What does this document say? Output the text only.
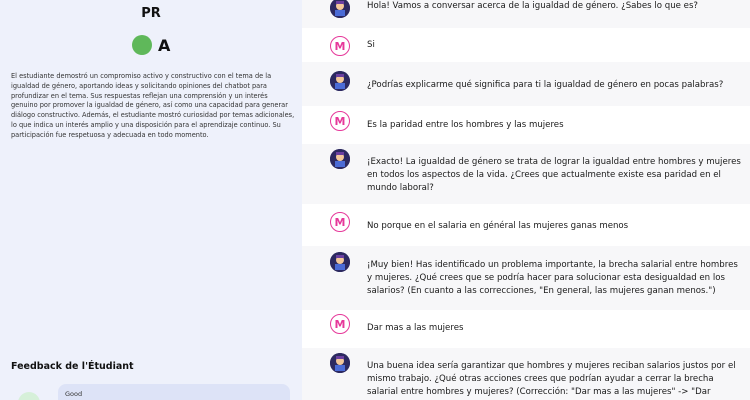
PR
A
El estudiante demostró un compromiso activo y constructivo con el tema de la igualdad de género, aportando ideas y solicitando opiniones del chatbot para profundizar en el tema. Sus respuestas reflejan una comprensión y un interés genuino por promover la igualdad de género, así como una capacidad para generar diálogo constructivo. Además, el estudiante mostró curiosidad por temas adicionales, lo que indica un interés amplio y una disposición para el aprendizaje continuo. Su participación fue respetuosa y adecuada en todo momento.
Feedback de l'Étudiant
Good
Hola! Vamos a conversar acerca de la igualdad de género. ¿Sabes lo que es?
M	Si
¿Podrías explicarme qué significa para ti la igualdad de género en pocas palabras?
M	Es la paridad entre los hombres y las mujeres
¡Exacto! La igualdad de género se trata de lograr la igualdad entre hombres y mujeres en todos los aspectos de la vida. ¿Crees que actualmente existe esa paridad en el mundo laboral?
M	No porque en el salaria en général las mujeres ganas menos
¡Muy bien! Has identificado un problema importante, la brecha salarial entre hombres y mujeres. ¿Qué crees que se podría hacer para solucionar esta desigualdad en los salarios? (En cuanto a las correcciones, "En general, las mujeres ganan menos.")
M	Dar mas a las mujeres
Una buena idea sería garantizar que hombres y mujeres reciban salarios justos por el mismo trabajo. ¿Qué otras acciones crees que podrían ayudar a cerrar la brecha salarial entre hombres y mujeres? (Corrección: "Dar mas a las mujeres" -> "Dar
